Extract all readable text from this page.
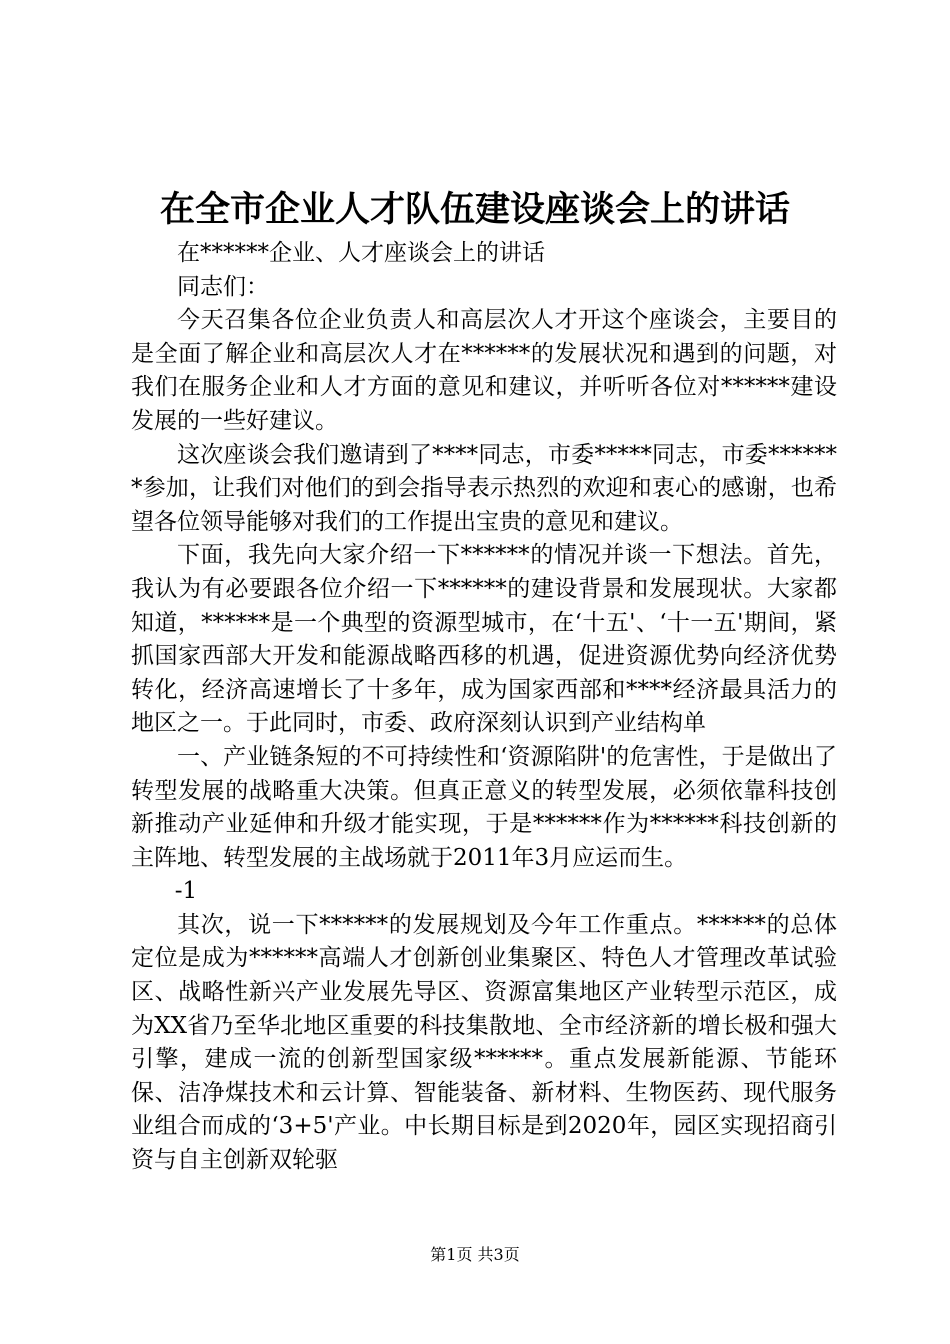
在全市企业人才队伍建设座谈会上的讲话

在******企业、人才座谈会上的讲话

同志们：

今天召集各位企业负责人和高层次人才开这个座谈会，主要目的是全面了解企业和高层次人才在******的发展状况和遇到的问题，对我们在服务企业和人才方面的意见和建议，并听听各位对******建设发展的一些好建议。

这次座谈会我们邀请到了****同志，市委*****同志，市委*******参加，让我们对他们的到会指导表示热烈的欢迎和衷心的感谢，也希望各位领导能够对我们的工作提出宝贵的意见和建议。

下面，我先向大家介绍一下******的情况并谈一下想法。首先，我认为有必要跟各位介绍一下******的建设背景和发展现状。大家都知道，******是一个典型的资源型城市，在‘十五'、‘十一五'期间，紧抓国家西部大开发和能源战略西移的机遇，促进资源优势向经济优势转化，经济高速增长了十多年，成为国家西部和****经济最具活力的地区之一。于此同时，市委、政府深刻认识到产业结构单

一、产业链条短的不可持续性和‘资源陷阱'的危害性，于是做出了转型发展的战略重大决策。但真正意义的转型发展，必须依靠科技创新推动产业延伸和升级才能实现，于是******作为******科技创新的主阵地、转型发展的主战场就于2011年3月应运而生。

-1

其次，说一下******的发展规划及今年工作重点。******的总体定位是成为******高端人才创新创业集聚区、特色人才管理改革试验区、战略性新兴产业发展先导区、资源富集地区产业转型示范区，成为XX省乃至华北地区重要的科技集散地、全市经济新的增长极和强大引擎，建成一流的创新型国家级******。重点发展新能源、节能环保、洁净煤技术和云计算、智能装备、新材料、生物医药、现代服务业组合而成的‘3+5'产业。中长期目标是到2020年，园区实现招商引资与自主创新双轮驱

第1页 共3页
